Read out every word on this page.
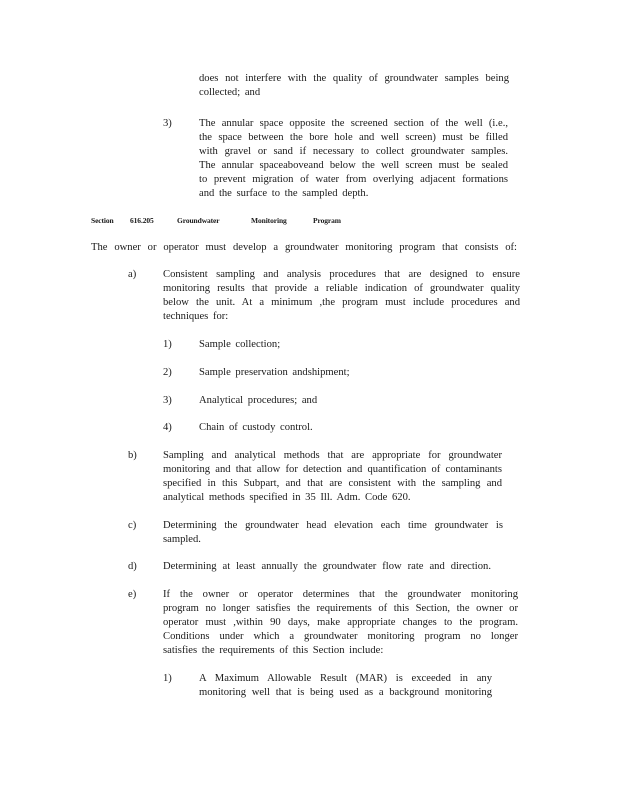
does not interfere with the quality of groundwater samples being
collected; and
3)	The annular space opposite the screened section of the well (i.e.,
the space between the bore hole and well screen) must be filled
with gravel or sand if necessary to collect groundwater samples.
The annular spaceaboveand below the well screen must be sealed
to prevent migration of water from overlying adjacent formations
and the surface to the sampled depth.
Section 616.205	Groundwater	Monitoring	Program
The owner or operator must develop a groundwater monitoring program that consists of:
a)	Consistent sampling and analysis procedures that are designed to ensure
monitoring results that provide a reliable indication of groundwater quality
below the unit. At a minimum ,the program must include procedures and
techniques for:
1)	Sample collection;
2)	Sample preservation andshipment;
3)	Analytical procedures; and
4)	Chain of custody control.
b) Sampling and analytical methods that are appropriate for groundwater
monitoring and that allow for detection and quantification of contaminants
specified in this Subpart, and that are consistent with the sampling and
analytical methods specified in 35 Ill. Adm. Code 620.
c)	Determining the groundwater head elevation each time groundwater is
sampled.
d) Determining at least annually the groundwater flow rate and direction.
e)	If the owner or operator determines that the groundwater monitoring
program no longer satisfies the requirements of this Section, the owner or
operator must ,within 90 days, make appropriate changes to the program.
Conditions under which a groundwater monitoring program no longer
satisfies the requirements of this Section include:
1)	A Maximum Allowable Result (MAR) is exceeded in any
monitoring well that is being used as a background monitoring
